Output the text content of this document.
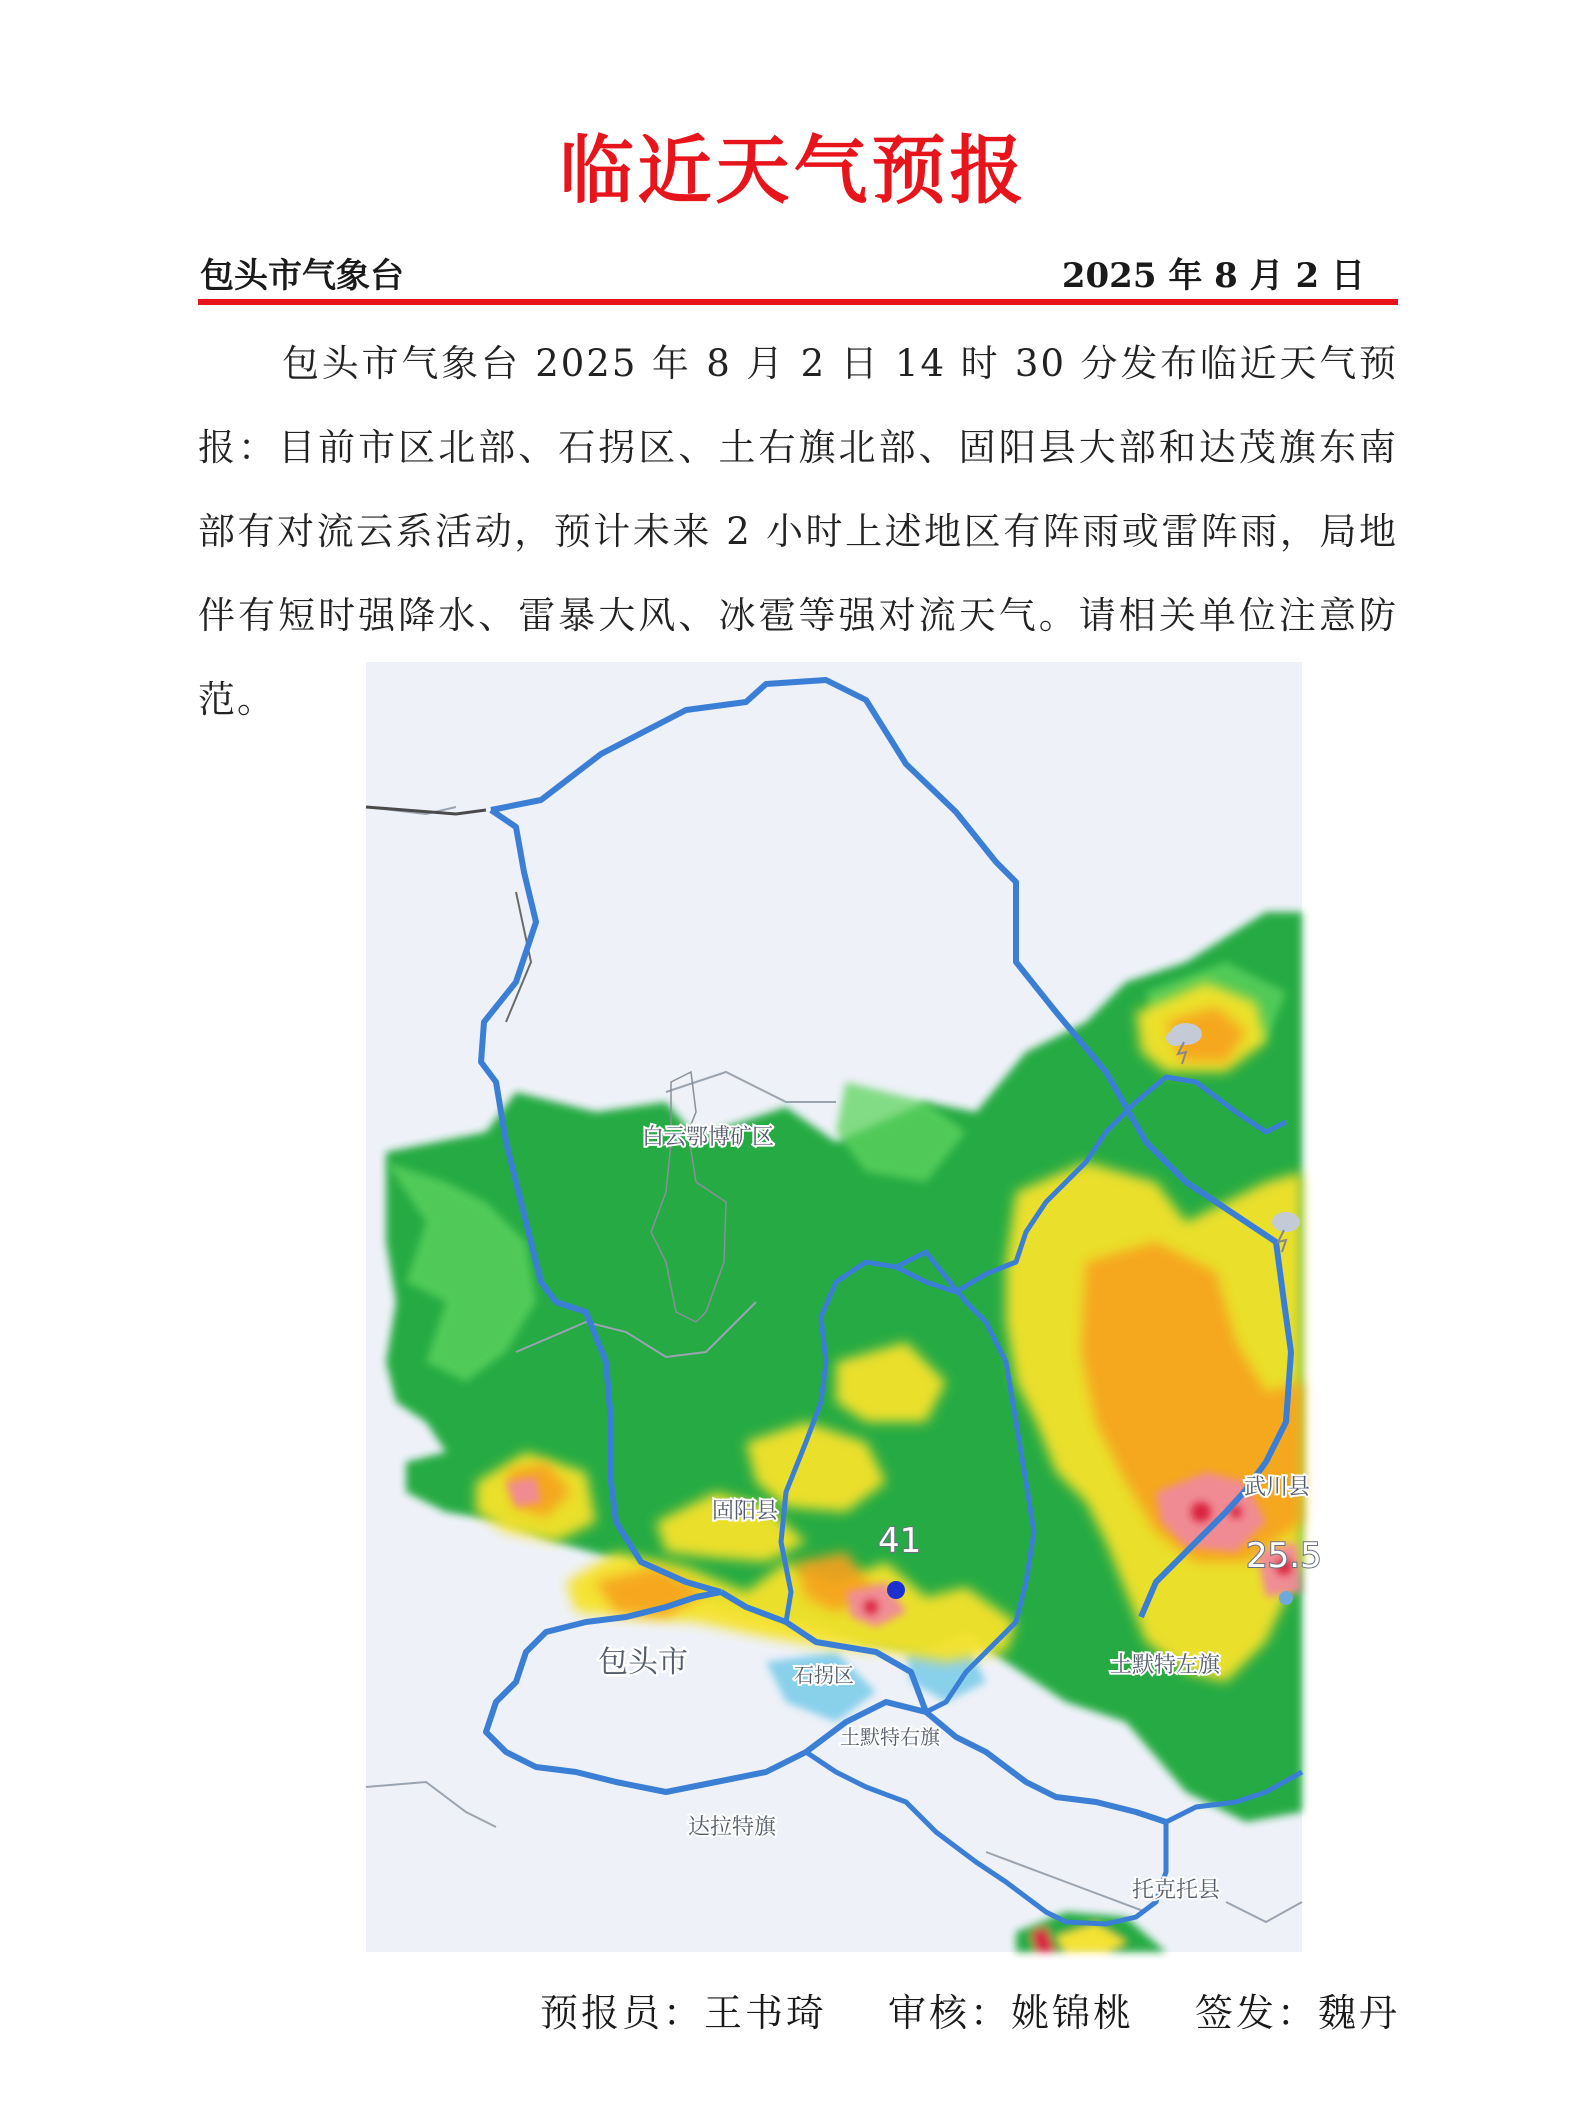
临近天气预报
包头市气象台	2025 年 8 月 2 日
包头市气象台 2025 年 8 月 2 日 14 时 30 分发布临近天气预报：目前市区北部、石拐区、土右旗北部、固阳县大部和达茂旗东南部有对流云系活动，预计未来 2 小时上述地区有阵雨或雷阵雨，局地伴有短时强降水、雷暴大风、冰雹等强对流天气。请相关单位注意防范。
白云鄂博矿区
固阳县
包头市	石拐区
土默特右旗
土默特左旗
武川县
达拉特旗
托克托县
41	25.5
预报员：王书琦 审核：姚锦桃 签发：魏丹
